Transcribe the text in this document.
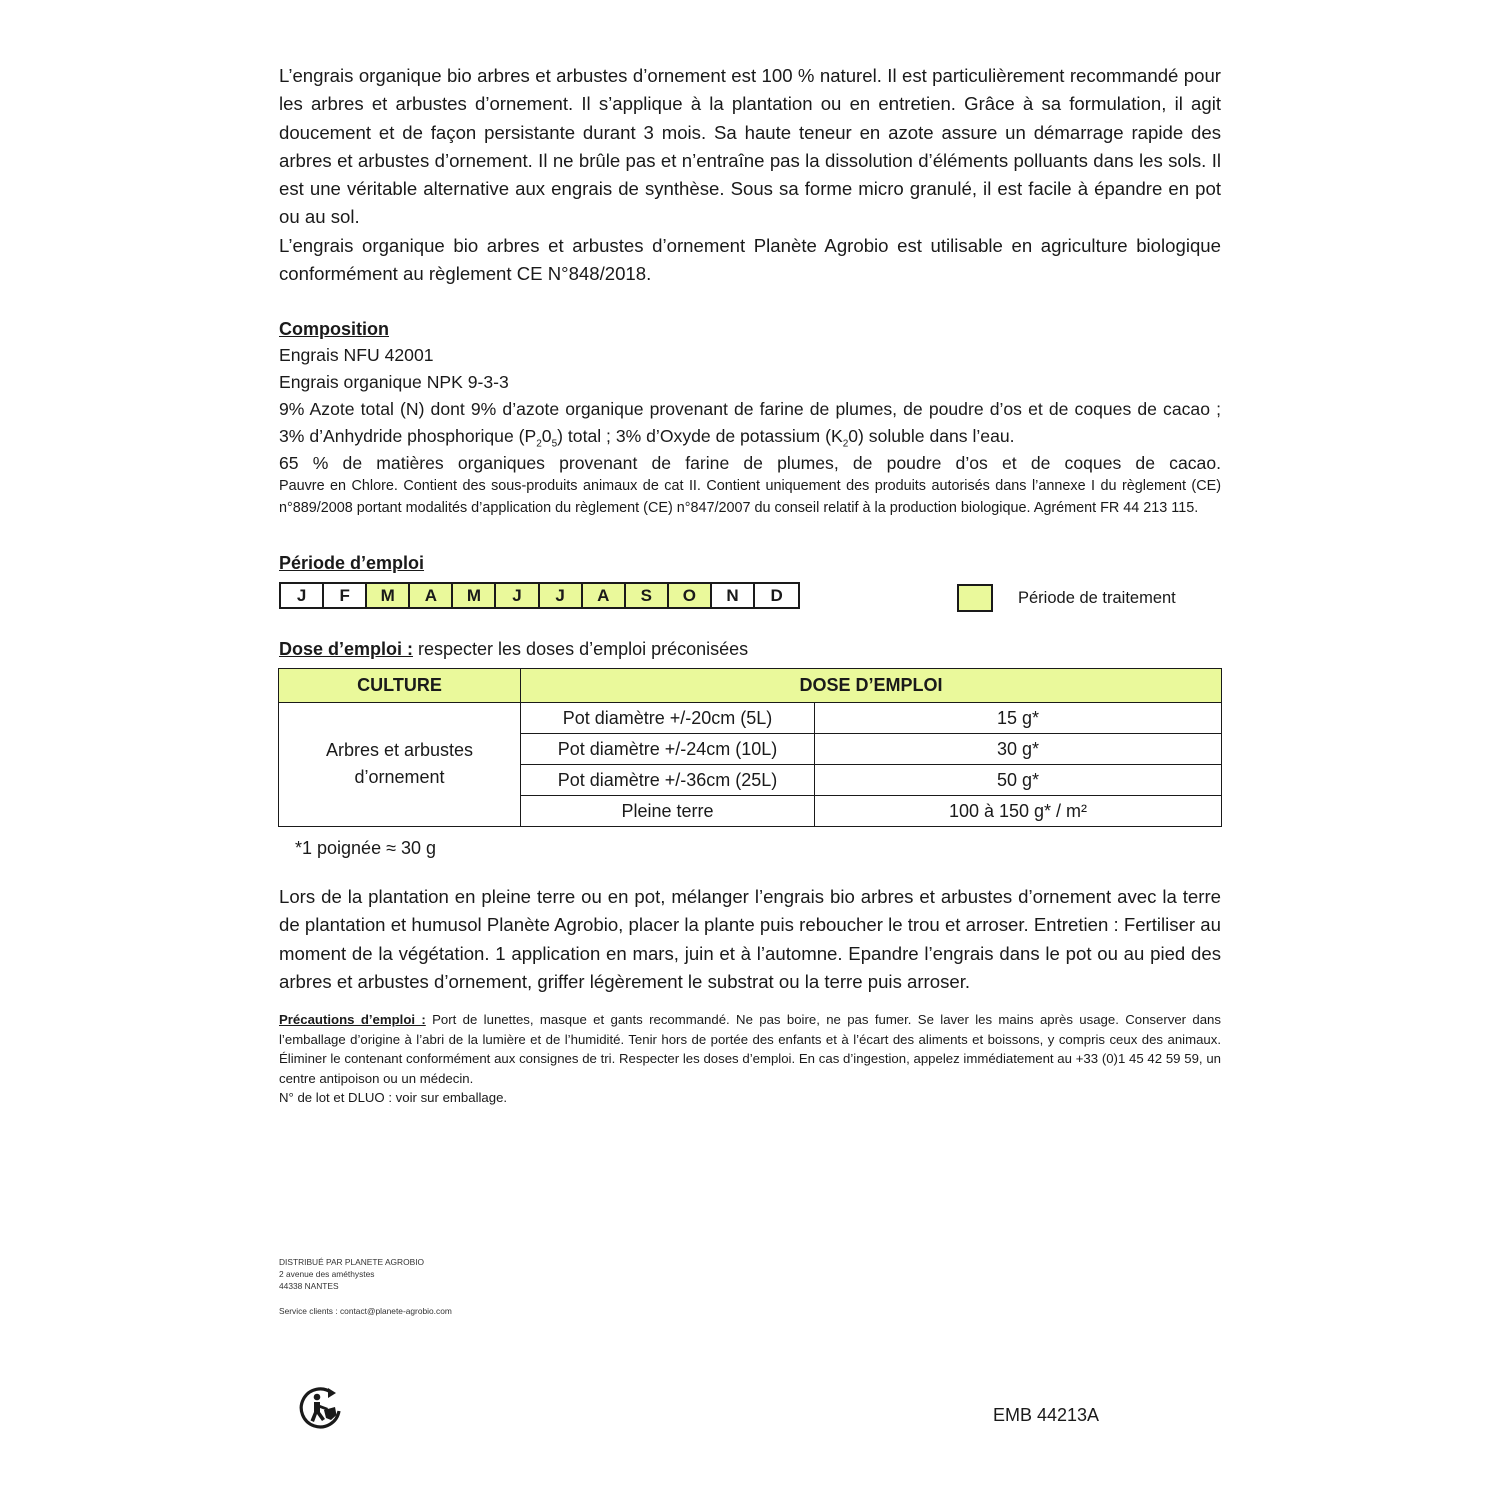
L’engrais organique bio arbres et arbustes d’ornement est 100 % naturel. Il est particulièrement recommandé pour les arbres et arbustes d’ornement. Il s’applique à la plantation ou en entretien. Grâce à sa formulation, il agit doucement et de façon persistante durant 3 mois. Sa haute teneur en azote assure un démarrage rapide des arbres et arbustes d’ornement. Il ne brûle pas et n’entraîne pas la dissolution d’éléments polluants dans les sols. Il est une véritable alternative aux engrais de synthèse. Sous sa forme micro granulé, il est facile à épandre en pot ou au sol.

L’engrais organique bio arbres et arbustes d’ornement Planète Agrobio est utilisable en agriculture biologique conformément au règlement CE N°848/2018.

Composition
Engrais NFU 42001
Engrais organique NPK 9-3-3
9% Azote total (N) dont 9% d’azote organique provenant de farine de plumes, de poudre d’os et de coques de cacao ; 3% d’Anhydride phosphorique $(P_20_5)$ total ; 3% d’Oxyde de potassium $(K_20)$ soluble dans l’eau.
65 % de matières organiques provenant de farine de plumes, de poudre d’os et de coques de cacao.
Pauvre en Chlore. Contient des sous-produits animaux de cat II. Contient uniquement des produits autorisés dans l’annexe I du règlement (CE) n°889/2008 portant modalités d’application du règlement (CE) n°847/2007 du conseil relatif à la production biologique. Agrément FR 44 213 115.
Période d’emploi
J	F	M	A	M	J	J	A	S	O	N	D	Période de traitement
Dose d’emploi : respecter les doses d’emploi préconisées
CULTURE	DOSE D’EMPLOI	
Arbres et arbustes
d’ornement	Pot diamètre +/-20cm (5L)	15 g*
	Pot diamètre +/-24cm (10L)	30 g*
	Pot diamètre +/-36cm (25L)	50 g*
	Pleine terre	100 à 150 g* / m²
*1 poignée ≈ 30 g

Lors de la plantation en pleine terre ou en pot, mélanger l’engrais bio arbres et arbustes d’ornement avec la terre de plantation et humusol Planète Agrobio, placer la plante puis reboucher le trou et arroser. Entretien : Fertiliser au moment de la végétation. 1 application en mars, juin et à l’automne. Epandre l’engrais dans le pot ou au pied des arbres et arbustes d’ornement, griffer légèrement le substrat ou la terre puis arroser.

Précautions d’emploi : Port de lunettes, masque et gants recommandé. Ne pas boire, ne pas fumer. Se laver les mains après usage. Conserver dans l’emballage d’origine à l’abri de la lumière et de l’humidité. Tenir hors de portée des enfants et à l’écart des aliments et boissons, y compris ceux des animaux. Éliminer le contenant conformément aux consignes de tri. Respecter les doses d’emploi. En cas d’ingestion, appelez immédiatement au +33 (0)1 45 42 59 59, un centre antipoison ou un médecin.
N° de lot et DLUO : voir sur emballage.
DISTRIBUÉ PAR PLANETE AGROBIO
2 avenue des améthystes
44338 NANTES
Service clients : contact@planete-agrobio.com
EMB 44213A
